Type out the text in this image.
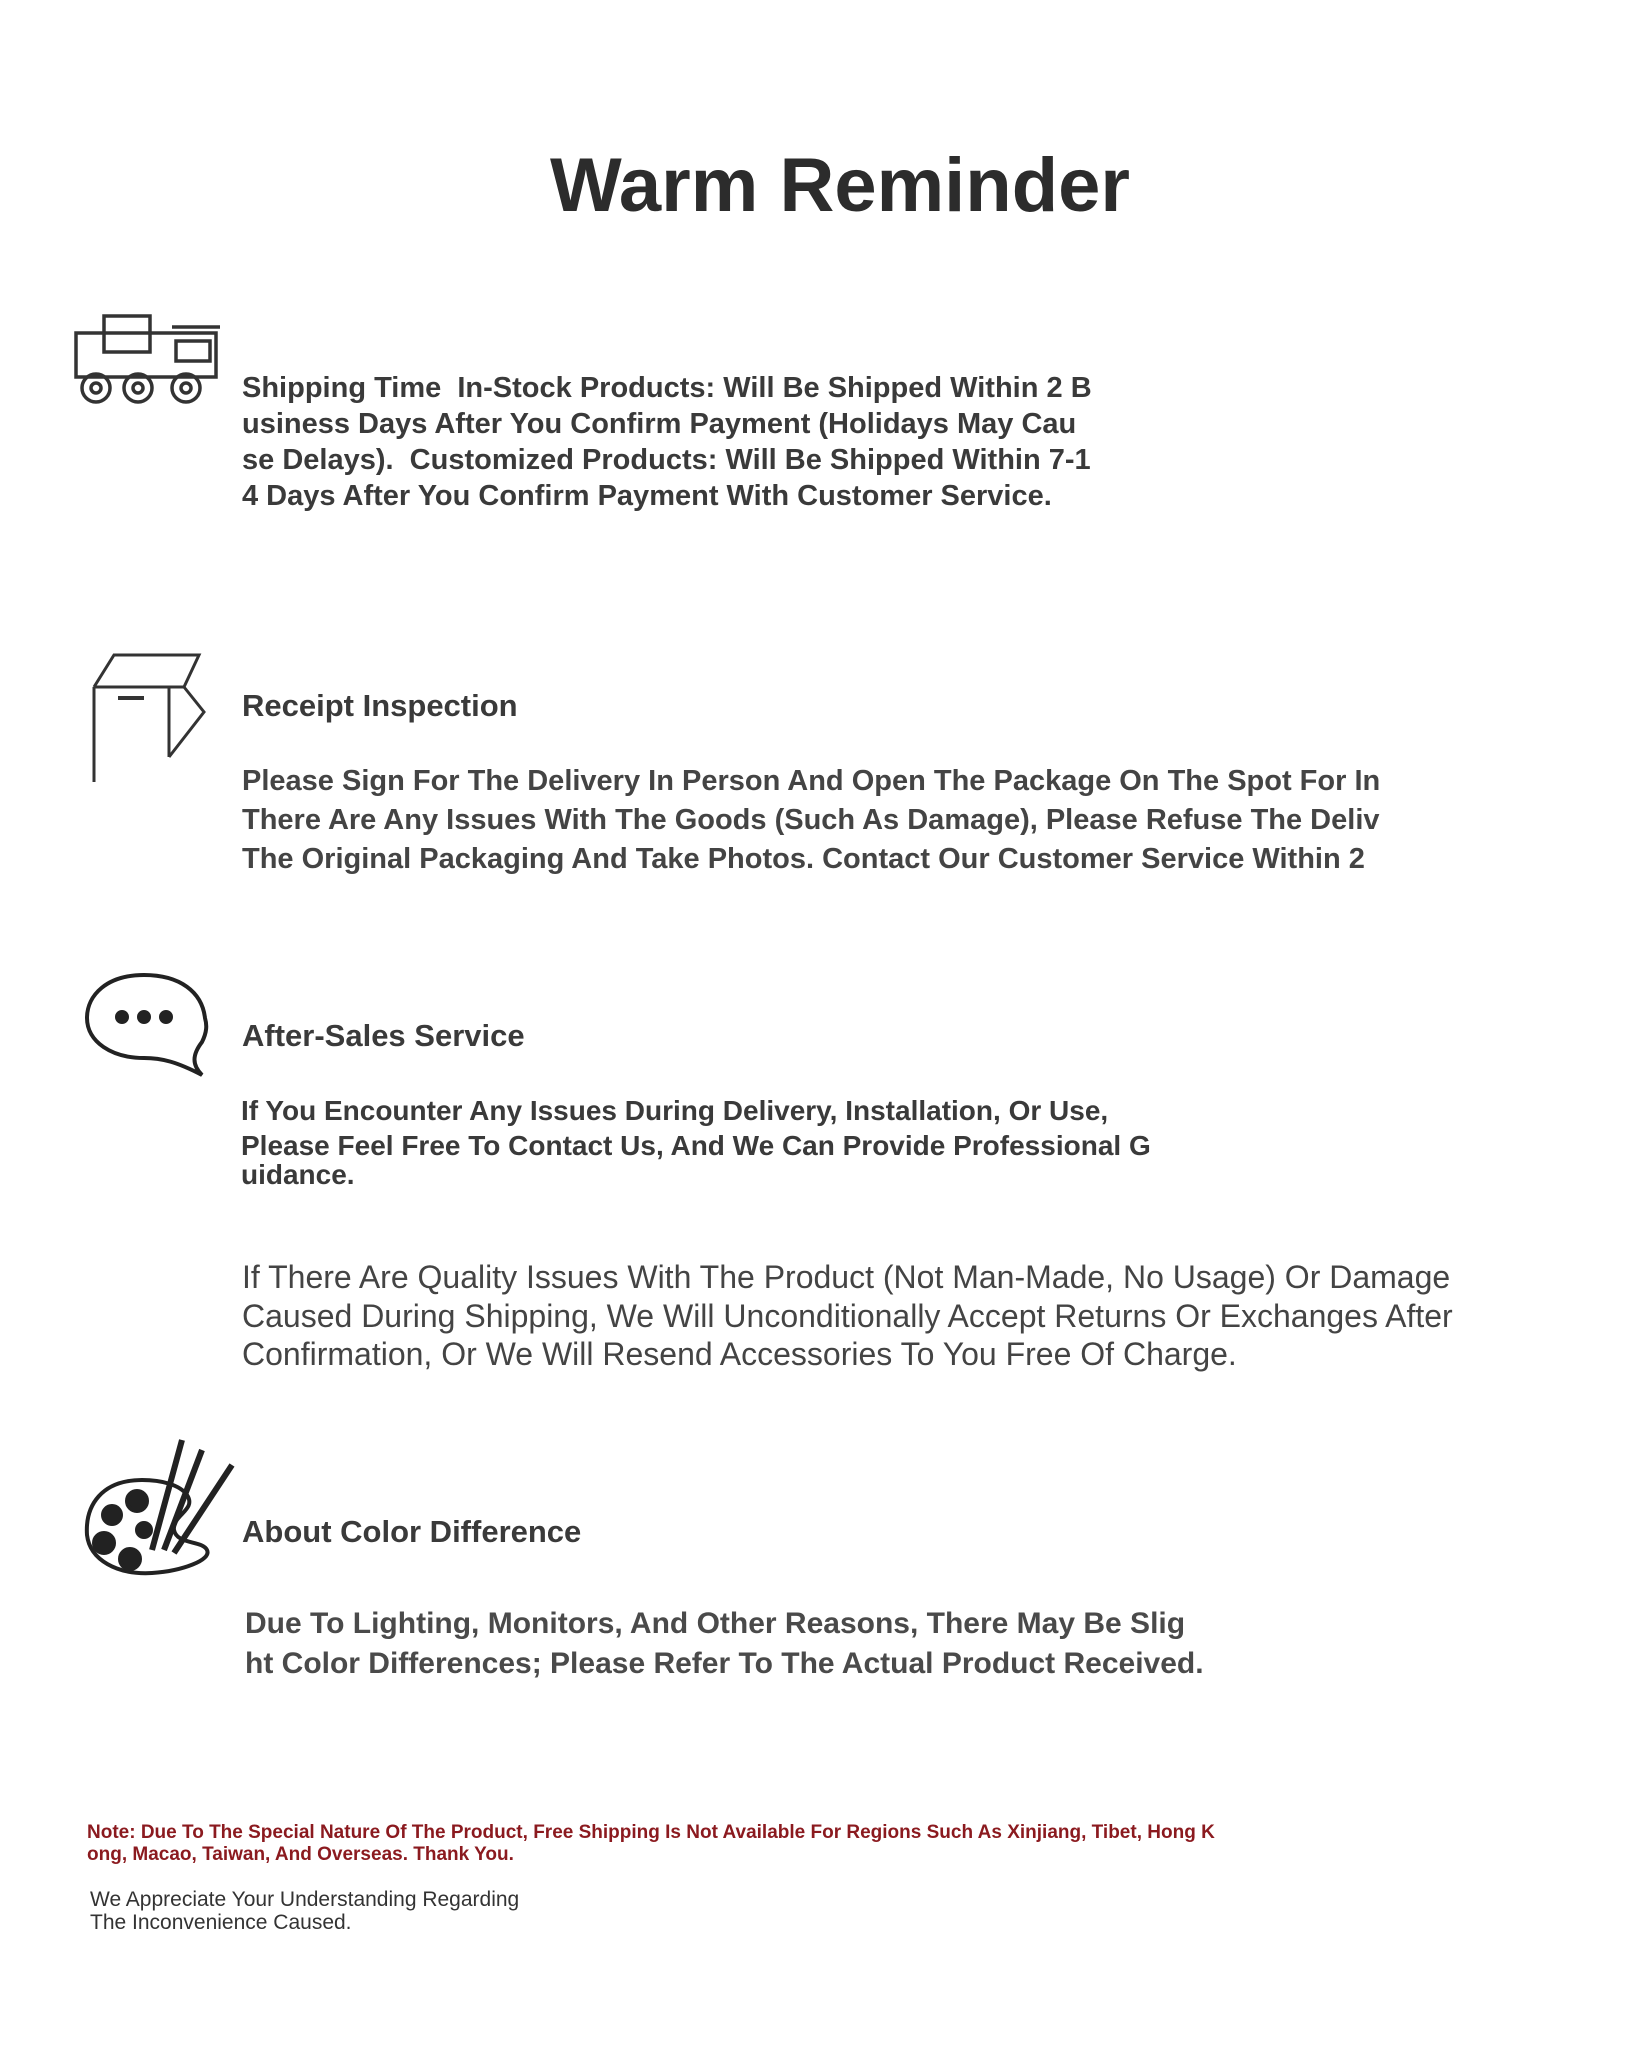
Warm Reminder
Shipping Time  In-Stock Products: Will Be Shipped Within 2 B
usiness Days After You Confirm Payment (Holidays May Cau
se Delays).  Customized Products: Will Be Shipped Within 7-1
4 Days After You Confirm Payment With Customer Service.
Receipt Inspection
Please Sign For The Delivery In Person And Open The Package On The Spot For In
There Are Any Issues With The Goods (Such As Damage), Please Refuse The Deliv
The Original Packaging And Take Photos. Contact Our Customer Service Within 2
After-Sales Service
If You Encounter Any Issues During Delivery, Installation, Or Use,
Please Feel Free To Contact Us, And We Can Provide Professional G
uidance.
If There Are Quality Issues With The Product (Not Man-Made, No Usage) Or Damage
Caused During Shipping, We Will Unconditionally Accept Returns Or Exchanges After
Confirmation, Or We Will Resend Accessories To You Free Of Charge.
About Color Difference
Due To Lighting, Monitors, And Other Reasons, There May Be Slig
ht Color Differences; Please Refer To The Actual Product Received.
Note: Due To The Special Nature Of The Product, Free Shipping Is Not Available For Regions Such As Xinjiang, Tibet, Hong K
ong, Macao, Taiwan, And Overseas. Thank You.
We Appreciate Your Understanding Regarding
The Inconvenience Caused.
